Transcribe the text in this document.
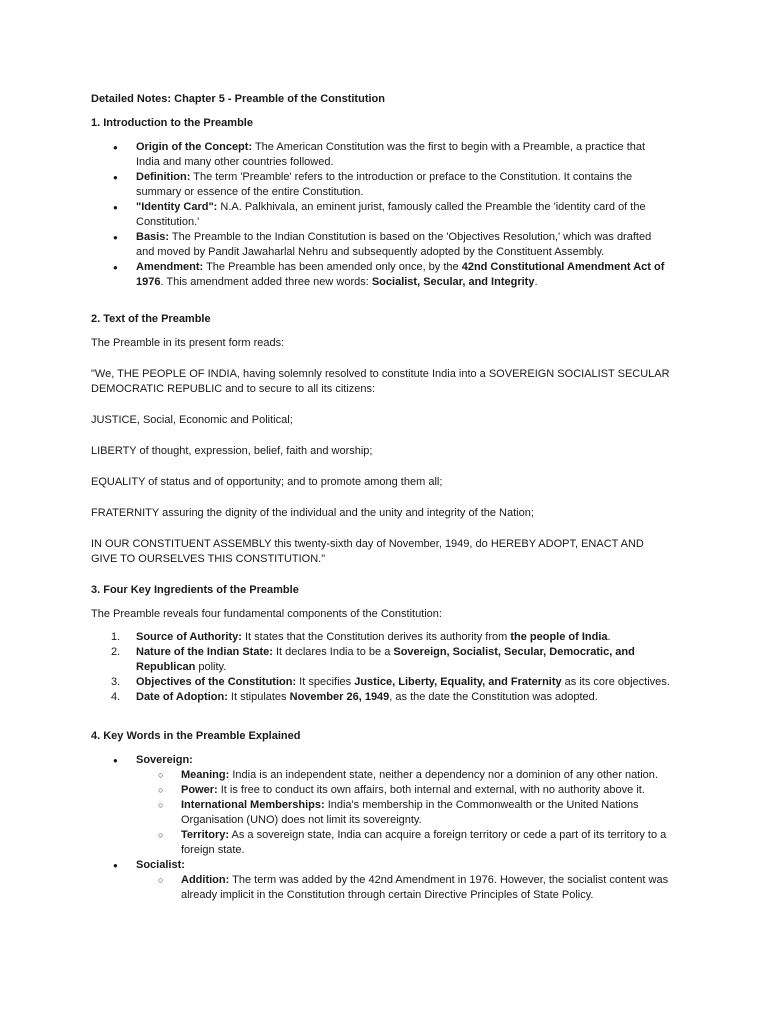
Detailed Notes: Chapter 5 - Preamble of the Constitution

1. Introduction to the Preamble

● Origin of the Concept: The American Constitution was the first to begin with a Preamble, a practice that India and many other countries followed.
● Definition: The term 'Preamble' refers to the introduction or preface to the Constitution. It contains the summary or essence of the entire Constitution.
● "Identity Card": N.A. Palkhivala, an eminent jurist, famously called the Preamble the 'identity card of the Constitution.'
● Basis: The Preamble to the Indian Constitution is based on the 'Objectives Resolution,' which was drafted and moved by Pandit Jawaharlal Nehru and subsequently adopted by the Constituent Assembly.
● Amendment: The Preamble has been amended only once, by the 42nd Constitutional Amendment Act of 1976. This amendment added three new words: Socialist, Secular, and Integrity.

2. Text of the Preamble

The Preamble in its present form reads:

"We, THE PEOPLE OF INDIA, having solemnly resolved to constitute India into a SOVEREIGN SOCIALIST SECULAR DEMOCRATIC REPUBLIC and to secure to all its citizens:

JUSTICE, Social, Economic and Political;

LIBERTY of thought, expression, belief, faith and worship;

EQUALITY of status and of opportunity; and to promote among them all;

FRATERNITY assuring the dignity of the individual and the unity and integrity of the Nation;

IN OUR CONSTITUENT ASSEMBLY this twenty-sixth day of November, 1949, do HEREBY ADOPT, ENACT AND GIVE TO OURSELVES THIS CONSTITUTION."

3. Four Key Ingredients of the Preamble

The Preamble reveals four fundamental components of the Constitution:

1. Source of Authority: It states that the Constitution derives its authority from the people of India.
2. Nature of the Indian State: It declares India to be a Sovereign, Socialist, Secular, Democratic, and Republican polity.
3. Objectives of the Constitution: It specifies Justice, Liberty, Equality, and Fraternity as its core objectives.
4. Date of Adoption: It stipulates November 26, 1949, as the date the Constitution was adopted.

4. Key Words in the Preamble Explained

● Sovereign:
○ Meaning: India is an independent state, neither a dependency nor a dominion of any other nation.
○ Power: It is free to conduct its own affairs, both internal and external, with no authority above it.
○ International Memberships: India's membership in the Commonwealth or the United Nations Organisation (UNO) does not limit its sovereignty.
○ Territory: As a sovereign state, India can acquire a foreign territory or cede a part of its territory to a foreign state.
● Socialist:
○ Addition: The term was added by the 42nd Amendment in 1976. However, the socialist content was already implicit in the Constitution through certain Directive Principles of State Policy.
